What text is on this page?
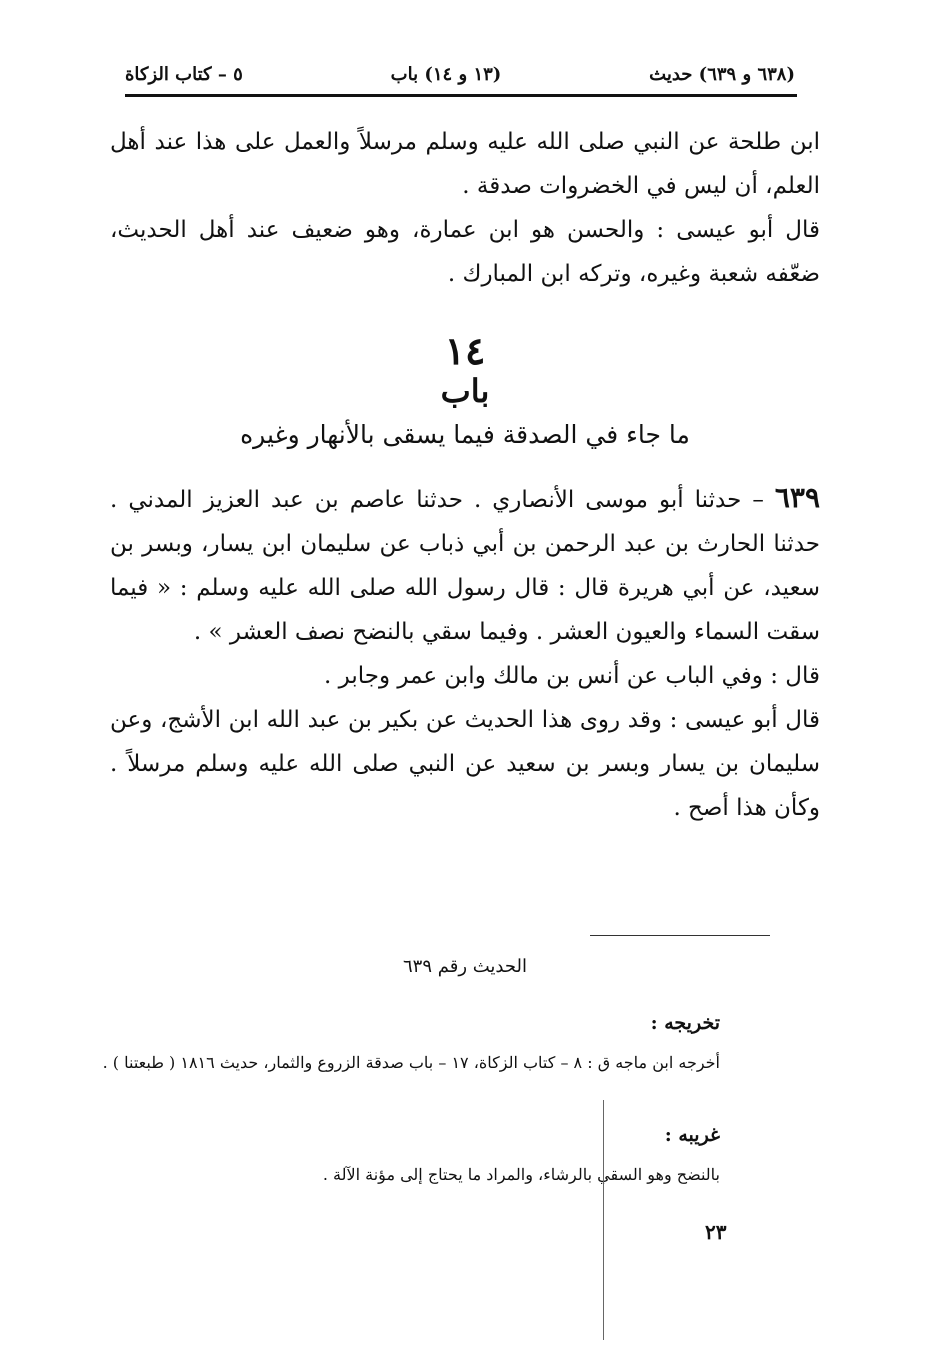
٥ – كتاب الزكاة	(١٣ و ١٤) باب	(٦٣٨ و ٦٣٩) حديث

ابن طلحة عن النبي صلى الله عليه وسلم مرسلاً والعمل على هذا عند أهل العلم، أن ليس في الخضروات صدقة .

قال أبو عيسى : والحسن هو ابن عمارة، وهو ضعيف عند أهل الحديث، ضعّفه شعبة وغيره، وتركه ابن المبارك .

١٤
باب
ما جاء في الصدقة فيما يسقى بالأنهار وغيره

٦٣٩ – حدثنا أبو موسى الأنصاري . حدثنا عاصم بن عبد العزيز المدني . حدثنا الحارث بن عبد الرحمن بن أبي ذباب عن سليمان ابن يسار، وبسر بن سعيد، عن أبي هريرة قال : قال رسول الله صلى الله عليه وسلم : « فيما سقت السماء والعيون العشر . وفيما سقي بالنضح نصف العشر » .

قال : وفي الباب عن أنس بن مالك وابن عمر وجابر .

قال أبو عيسى : وقد روى هذا الحديث عن بكير بن عبد الله ابن الأشج، وعن سليمان بن يسار وبسر بن سعيد عن النبي صلى الله عليه وسلم مرسلاً . وكأن هذا أصح .

الحديث رقم ٦٣٩
تخريجه :

أخرجه ابن ماجه ق : ٨ – كتاب الزكاة، ١٧ – باب صدقة الزروع والثمار، حديث ١٨١٦ ( طبعتنا ) .

غريبه :

بالنضح وهو السقي بالرشاء، والمراد ما يحتاج إلى مؤنة الآلة .

٢٣
